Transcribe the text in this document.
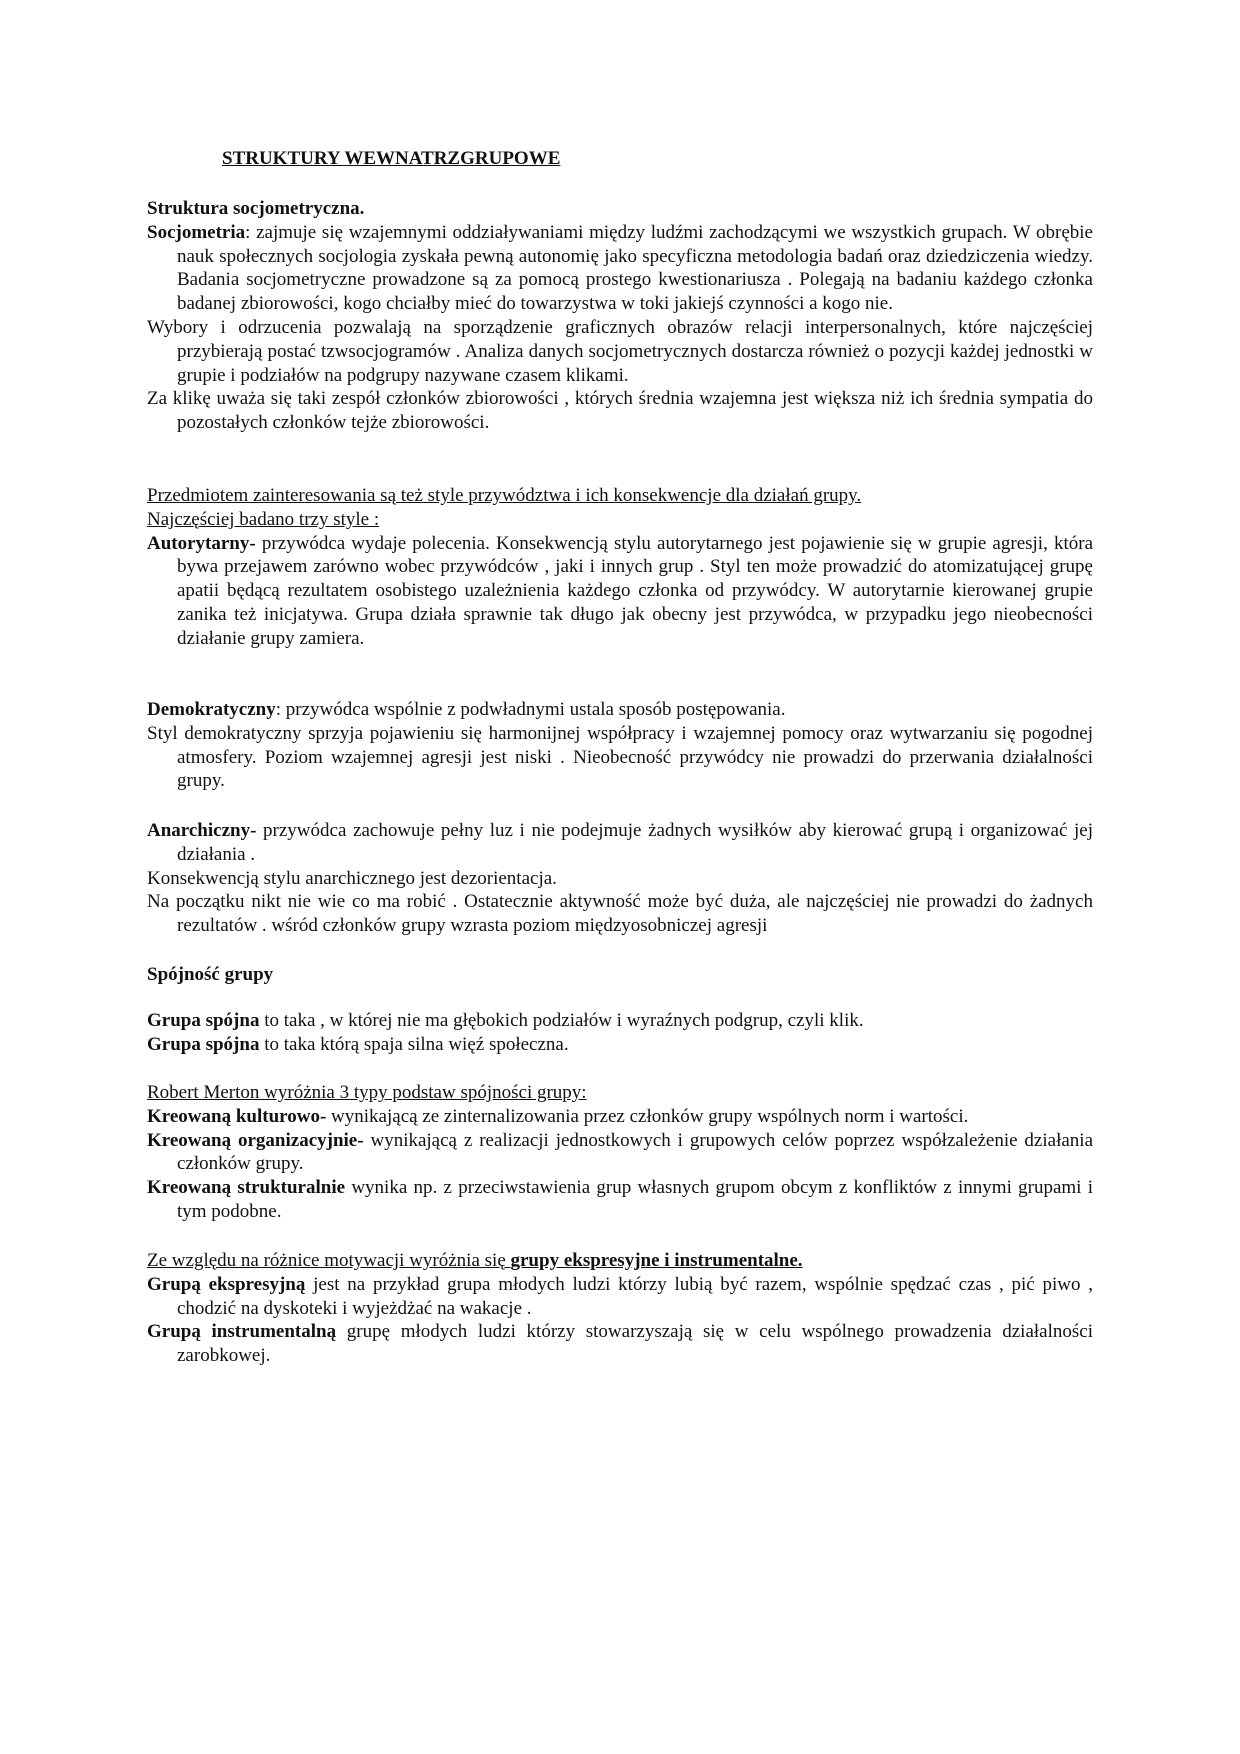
STRUKTURY WEWNATRZGRUPOWE

Struktura socjometryczna.

Socjometria: zajmuje się wzajemnymi oddziaływaniami między ludźmi zachodzącymi we wszystkich grupach. W obrębie nauk społecznych socjologia zyskała pewną autonomię jako specyficzna metodologia badań oraz dziedziczenia wiedzy. Badania socjometryczne prowadzone są za pomocą prostego kwestionariusza . Polegają na badaniu każdego członka badanej zbiorowości, kogo chciałby mieć do towarzystwa w toki jakiejś czynności a kogo nie.

Wybory i odrzucenia pozwalają na sporządzenie graficznych obrazów relacji interpersonalnych, które najczęściej przybierają postać tzwsocjogramów . Analiza danych socjometrycznych dostarcza również o pozycji każdej jednostki w grupie i podziałów na podgrupy nazywane czasem klikami.

Za klikę uważa się taki zespół członków zbiorowości , których średnia wzajemna jest większa niż ich średnia sympatia do pozostałych członków tejże zbiorowości.

Przedmiotem zainteresowania są też style przywództwa i ich konsekwencje dla działań grupy.

Najczęściej badano trzy style :

Autorytarny- przywódca wydaje polecenia. Konsekwencją stylu autorytarnego jest pojawienie się w grupie agresji, która bywa przejawem zarówno wobec przywódców , jaki i innych grup . Styl ten może prowadzić do atomizatującej grupę apatii będącą rezultatem osobistego uzależnienia każdego członka od przywódcy. W autorytarnie kierowanej grupie zanika też inicjatywa. Grupa działa sprawnie tak długo jak obecny jest przywódca, w przypadku jego nieobecności działanie grupy zamiera.

Demokratyczny: przywódca wspólnie z podwładnymi ustala sposób postępowania.

Styl demokratyczny sprzyja pojawieniu się harmonijnej współpracy i wzajemnej pomocy oraz wytwarzaniu się pogodnej atmosfery. Poziom wzajemnej agresji jest niski . Nieobecność przywódcy nie prowadzi do przerwania działalności grupy.

Anarchiczny- przywódca zachowuje pełny luz i nie podejmuje żadnych wysiłków aby kierować grupą i organizować jej działania .

Konsekwencją stylu anarchicznego jest dezorientacja.

Na początku nikt nie wie co ma robić . Ostatecznie aktywność może być duża, ale najczęściej nie prowadzi do żadnych rezultatów . wśród członków grupy wzrasta poziom międzyosobniczej agresji

Spójność grupy

Grupa spójna to taka , w której nie ma głębokich podziałów i wyraźnych podgrup, czyli klik.

Grupa spójna to taka którą spaja silna więź społeczna.

Robert Merton wyróżnia 3 typy podstaw spójności grupy:

Kreowaną kulturowo- wynikającą ze zinternalizowania przez członków grupy wspólnych norm i wartości.

Kreowaną organizacyjnie- wynikającą z realizacji jednostkowych i grupowych celów poprzez współzależenie działania członków grupy.

Kreowaną strukturalnie wynika np. z przeciwstawienia grup własnych grupom obcym z konfliktów z innymi grupami i tym podobne.

Ze względu na różnice motywacji wyróżnia się grupy ekspresyjne i instrumentalne.

Grupą ekspresyjną jest na przykład grupa młodych ludzi którzy lubią być razem, wspólnie spędzać czas , pić piwo , chodzić na dyskoteki i wyjeżdżać na wakacje .

Grupą instrumentalną grupę młodych ludzi którzy stowarzyszają się w celu wspólnego prowadzenia działalności zarobkowej.
